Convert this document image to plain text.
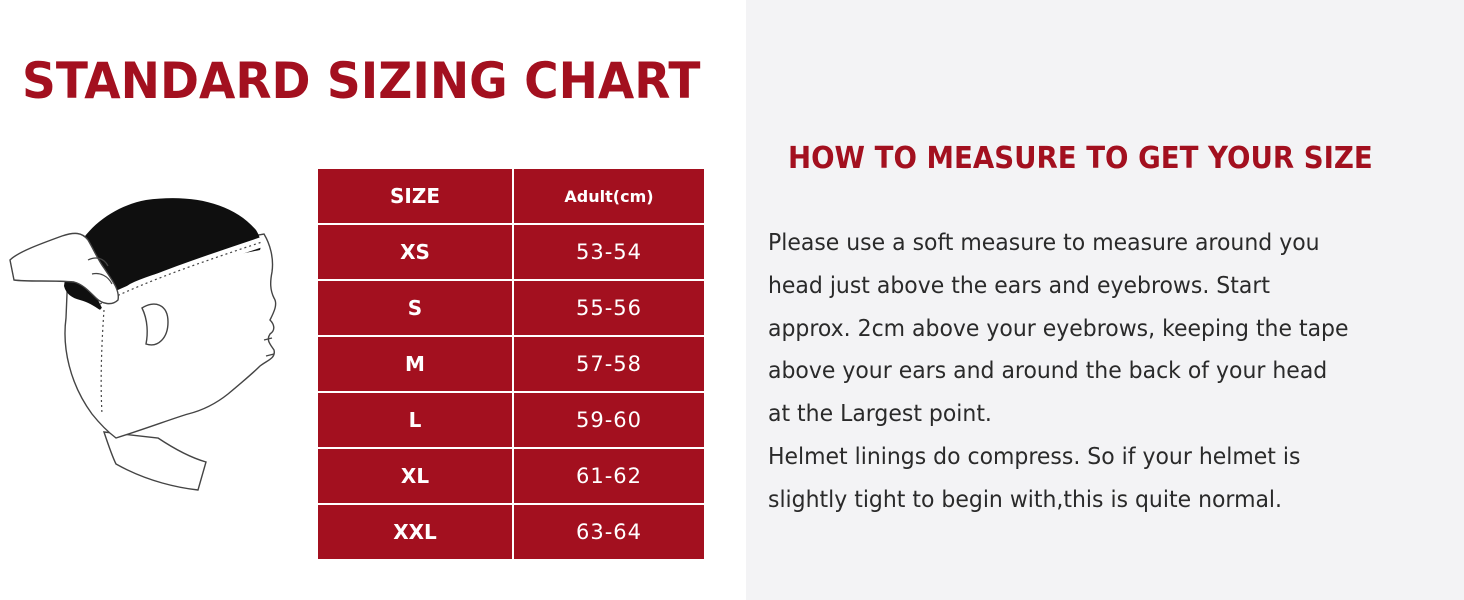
STANDARD SIZING CHART
SIZE	Adult(cm)
XS	53-54
S	55-56
M	57-58
L	59-60
XL	61-62
XXL	63-64
HOW TO MEASURE TO GET YOUR SIZE
Please use a soft measure to measure around you
head just above the ears and eyebrows. Start
approx. 2cm above your eyebrows, keeping the tape
above your ears and around the back of your head
at the Largest point.
Helmet linings do compress. So if your helmet is
slightly tight to begin with,this is quite normal.
